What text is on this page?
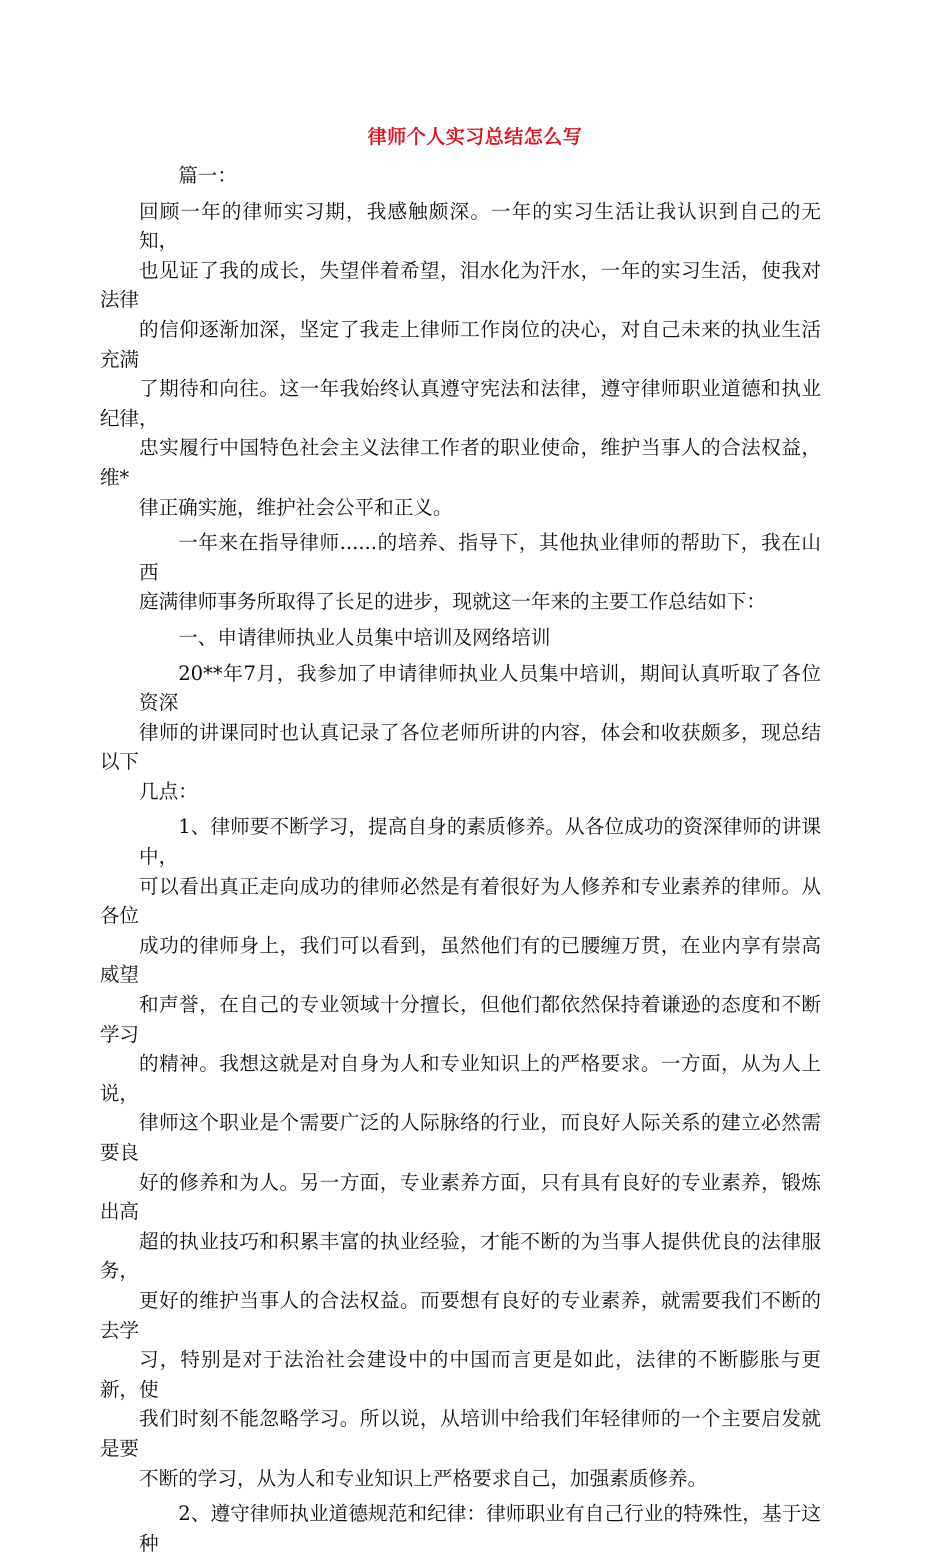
律师个人实习总结怎么写

篇一：

回顾一年的律师实习期，我感触颇深。一年的实习生活让我认识到自己的无知，
也见证了我的成长，失望伴着希望，泪水化为汗水，一年的实习生活，使我对法律
的信仰逐渐加深，坚定了我走上律师工作岗位的决心，对自己未来的执业生活充满
了期待和向往。这一年我始终认真遵守宪法和法律，遵守律师职业道德和执业纪律，
忠实履行中国特色社会主义法律工作者的职业使命，维护当事人的合法权益，维*
律正确实施，维护社会公平和正义。

一年来在指导律师......的培养、指导下，其他执业律师的帮助下，我在山西
庭满律师事务所取得了长足的进步，现就这一年来的主要工作总结如下：

一、申请律师执业人员集中培训及网络培训

20**年7月，我参加了申请律师执业人员集中培训，期间认真听取了各位资深
律师的讲课同时也认真记录了各位老师所讲的内容，体会和收获颇多，现总结以下
几点：

1、律师要不断学习，提高自身的素质修养。从各位成功的资深律师的讲课中，
可以看出真正走向成功的律师必然是有着很好为人修养和专业素养的律师。从各位
成功的律师身上，我们可以看到，虽然他们有的已腰缠万贯，在业内享有崇高威望
和声誉，在自己的专业领域十分擅长，但他们都依然保持着谦逊的态度和不断学习
的精神。我想这就是对自身为人和专业知识上的严格要求。一方面，从为人上说，
律师这个职业是个需要广泛的人际脉络的行业，而良好人际关系的建立必然需要良
好的修养和为人。另一方面，专业素养方面，只有具有良好的专业素养，锻炼出高
超的执业技巧和积累丰富的执业经验，才能不断的为当事人提供优良的法律服务，
更好的维护当事人的合法权益。而要想有良好的专业素养，就需要我们不断的去学
习，特别是对于法治社会建设中的中国而言更是如此，法律的不断膨胀与更新，使
我们时刻不能忽略学习。所以说，从培训中给我们年轻律师的一个主要启发就是要
不断的学习，从为人和专业知识上严格要求自己，加强素质修养。

2、遵守律师执业道德规范和纪律：律师职业有自己行业的特殊性，基于这种
